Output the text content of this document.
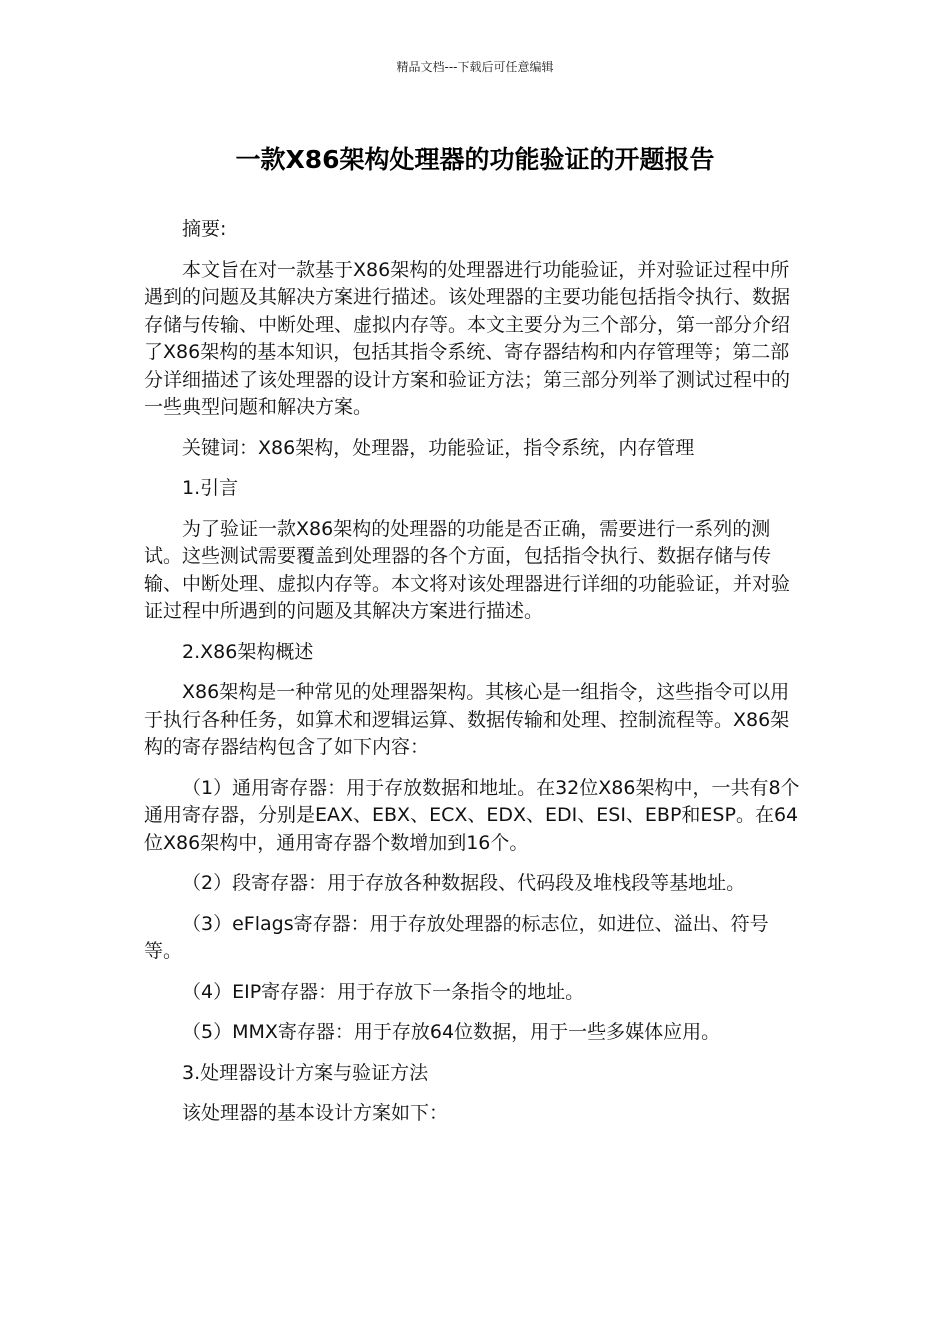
精品文档---下载后可任意编辑
一款X86架构处理器的功能验证的开题报告
摘要:
本文旨在对一款基于X86架构的处理器进行功能验证，并对验证过程中所遇到的问题及其解决方案进行描述。该处理器的主要功能包括指令执行、数据存储与传输、中断处理、虚拟内存等。本文主要分为三个部分，第一部分介绍了X86架构的基本知识，包括其指令系统、寄存器结构和内存管理等；第二部分详细描述了该处理器的设计方案和验证方法；第三部分列举了测试过程中的一些典型问题和解决方案。
关键词：X86架构，处理器，功能验证，指令系统，内存管理
1.引言
为了验证一款X86架构的处理器的功能是否正确，需要进行一系列的测试。这些测试需要覆盖到处理器的各个方面，包括指令执行、数据存储与传输、中断处理、虚拟内存等。本文将对该处理器进行详细的功能验证，并对验证过程中所遇到的问题及其解决方案进行描述。
2.X86架构概述
X86架构是一种常见的处理器架构。其核心是一组指令，这些指令可以用于执行各种任务，如算术和逻辑运算、数据传输和处理、控制流程等。X86架构的寄存器结构包含了如下内容：
（1）通用寄存器：用于存放数据和地址。在32位X86架构中，一共有8个通用寄存器，分别是EAX、EBX、ECX、EDX、EDI、ESI、EBP和ESP。在64位X86架构中，通用寄存器个数增加到16个。
（2）段寄存器：用于存放各种数据段、代码段及堆栈段等基地址。
（3）eFlags寄存器：用于存放处理器的标志位，如进位、溢出、符号等。
（4）EIP寄存器：用于存放下一条指令的地址。
（5）MMX寄存器：用于存放64位数据，用于一些多媒体应用。
3.处理器设计方案与验证方法
该处理器的基本设计方案如下：
